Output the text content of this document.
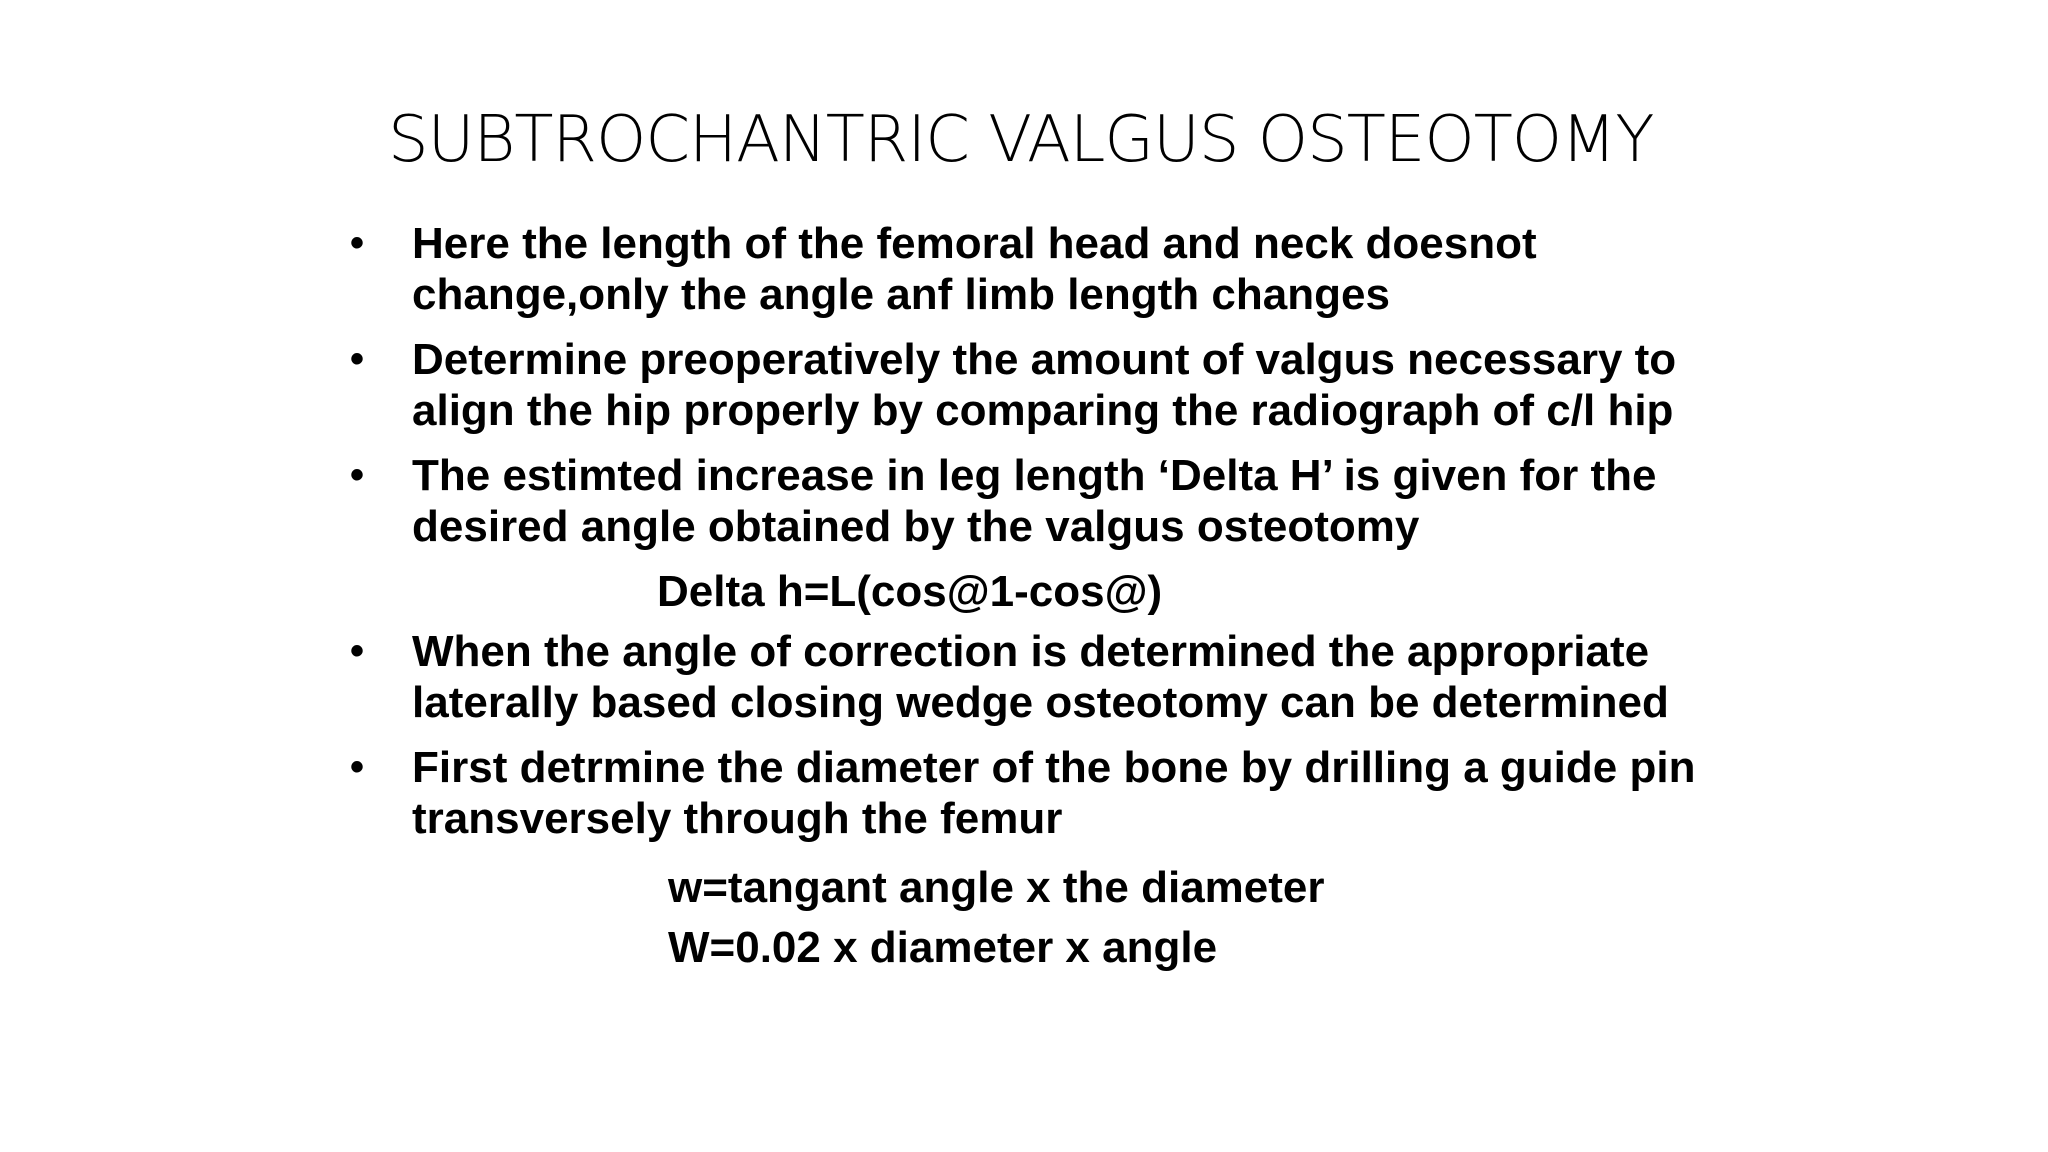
SUBTROCHANTRIC VALGUS OSTEOTOMY
•	Here the length of the femoral head and neck doesnot change,only the angle anf limb length changes
•	Determine preoperatively the amount of valgus necessary to align the hip properly by comparing the radiograph of c/l hip
•	The estimted increase in leg length ‘Delta H’ is given for the desired angle obtained by the valgus osteotomy
Delta h=L(cos@1-cos@)
•	When the angle of correction is determined the appropriate laterally based closing wedge osteotomy can be determined
•	First detrmine the diameter of the bone by drilling a guide pin transversely through the femur
w=tangant angle x the diameter
W=0.02 x diameter x angle
